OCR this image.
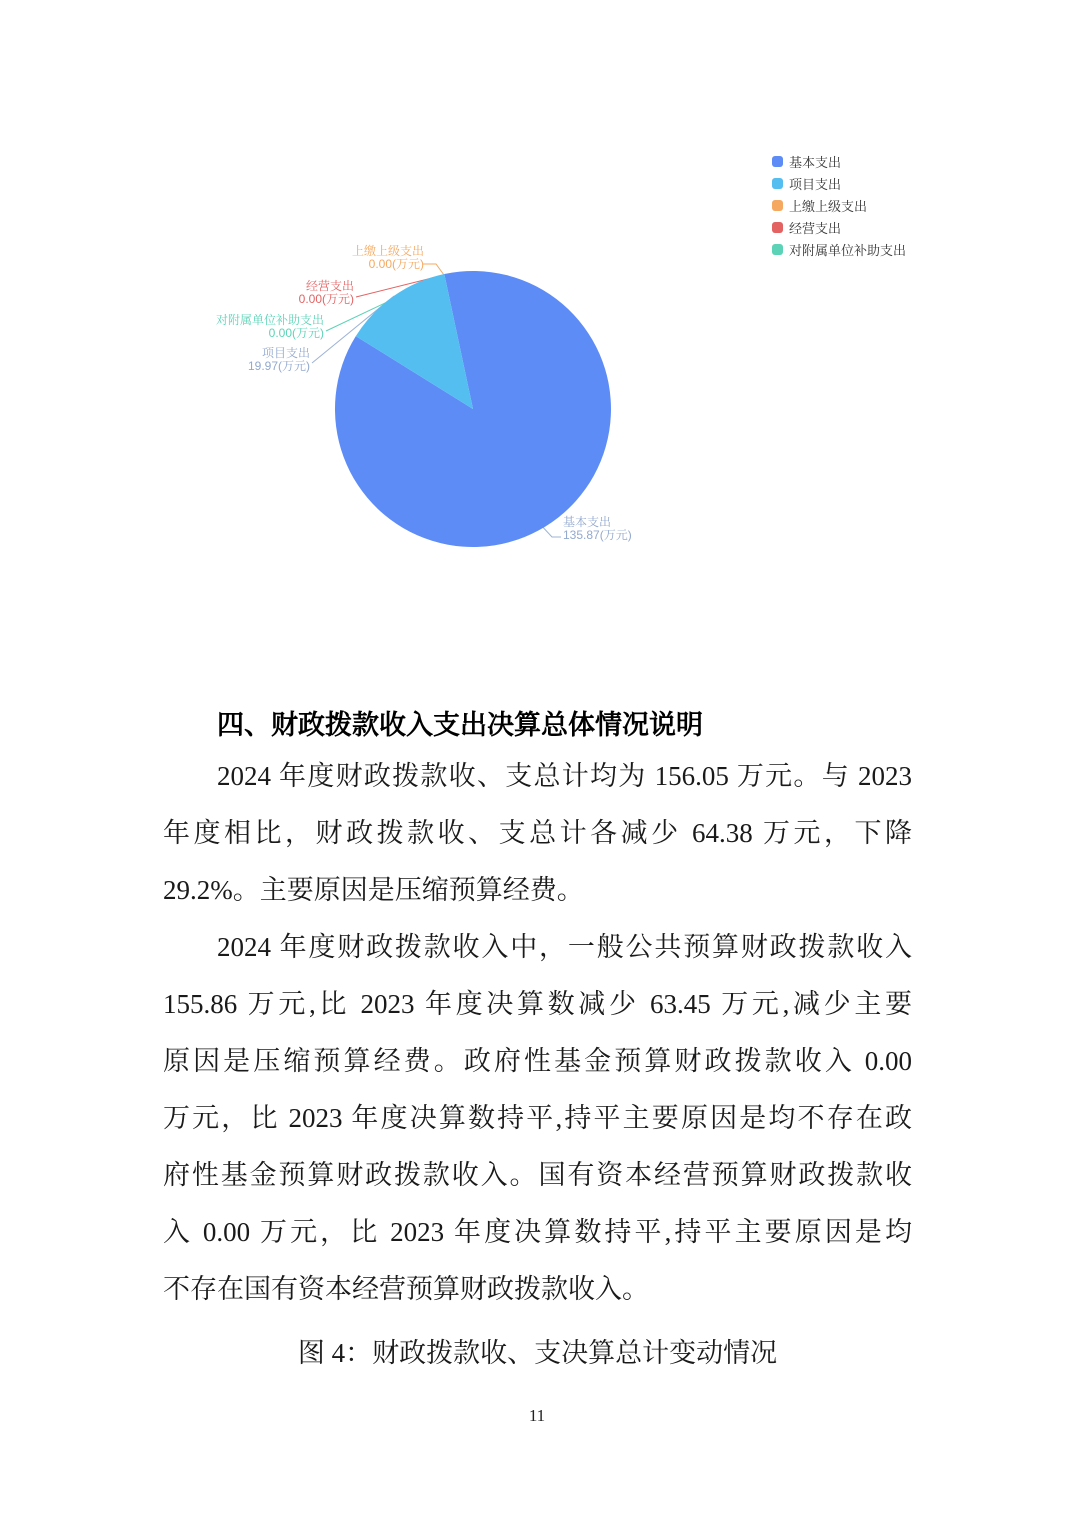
基本支出
项目支出
上缴上级支出
经营支出
对附属单位补助支出
上缴上级支出
0.00(万元)
经营支出
0.00(万元)
对附属单位补助支出
0.00(万元)
项目支出
19.97(万元)
基本支出
135.87(万元)
四、财政拨款收入支出决算总体情况说明
2024 年度财政拨款收、支总计均为 156.05 万元。与 2023
年度相比，财政拨款收、支总计各减少 64.38 万元，下降
29.2%。主要原因是压缩预算经费。
2024 年度财政拨款收入中，一般公共预算财政拨款收入
155.86 万元,比 2023 年度决算数减少 63.45 万元,减少主要
原因是压缩预算经费。政府性基金预算财政拨款收入 0.00
万元，比 2023 年度决算数持平,持平主要原因是均不存在政
府性基金预算财政拨款收入。国有资本经营预算财政拨款收
入 0.00 万元，比 2023 年度决算数持平,持平主要原因是均
不存在国有资本经营预算财政拨款收入。
图 4：财政拨款收、支决算总计变动情况
11
